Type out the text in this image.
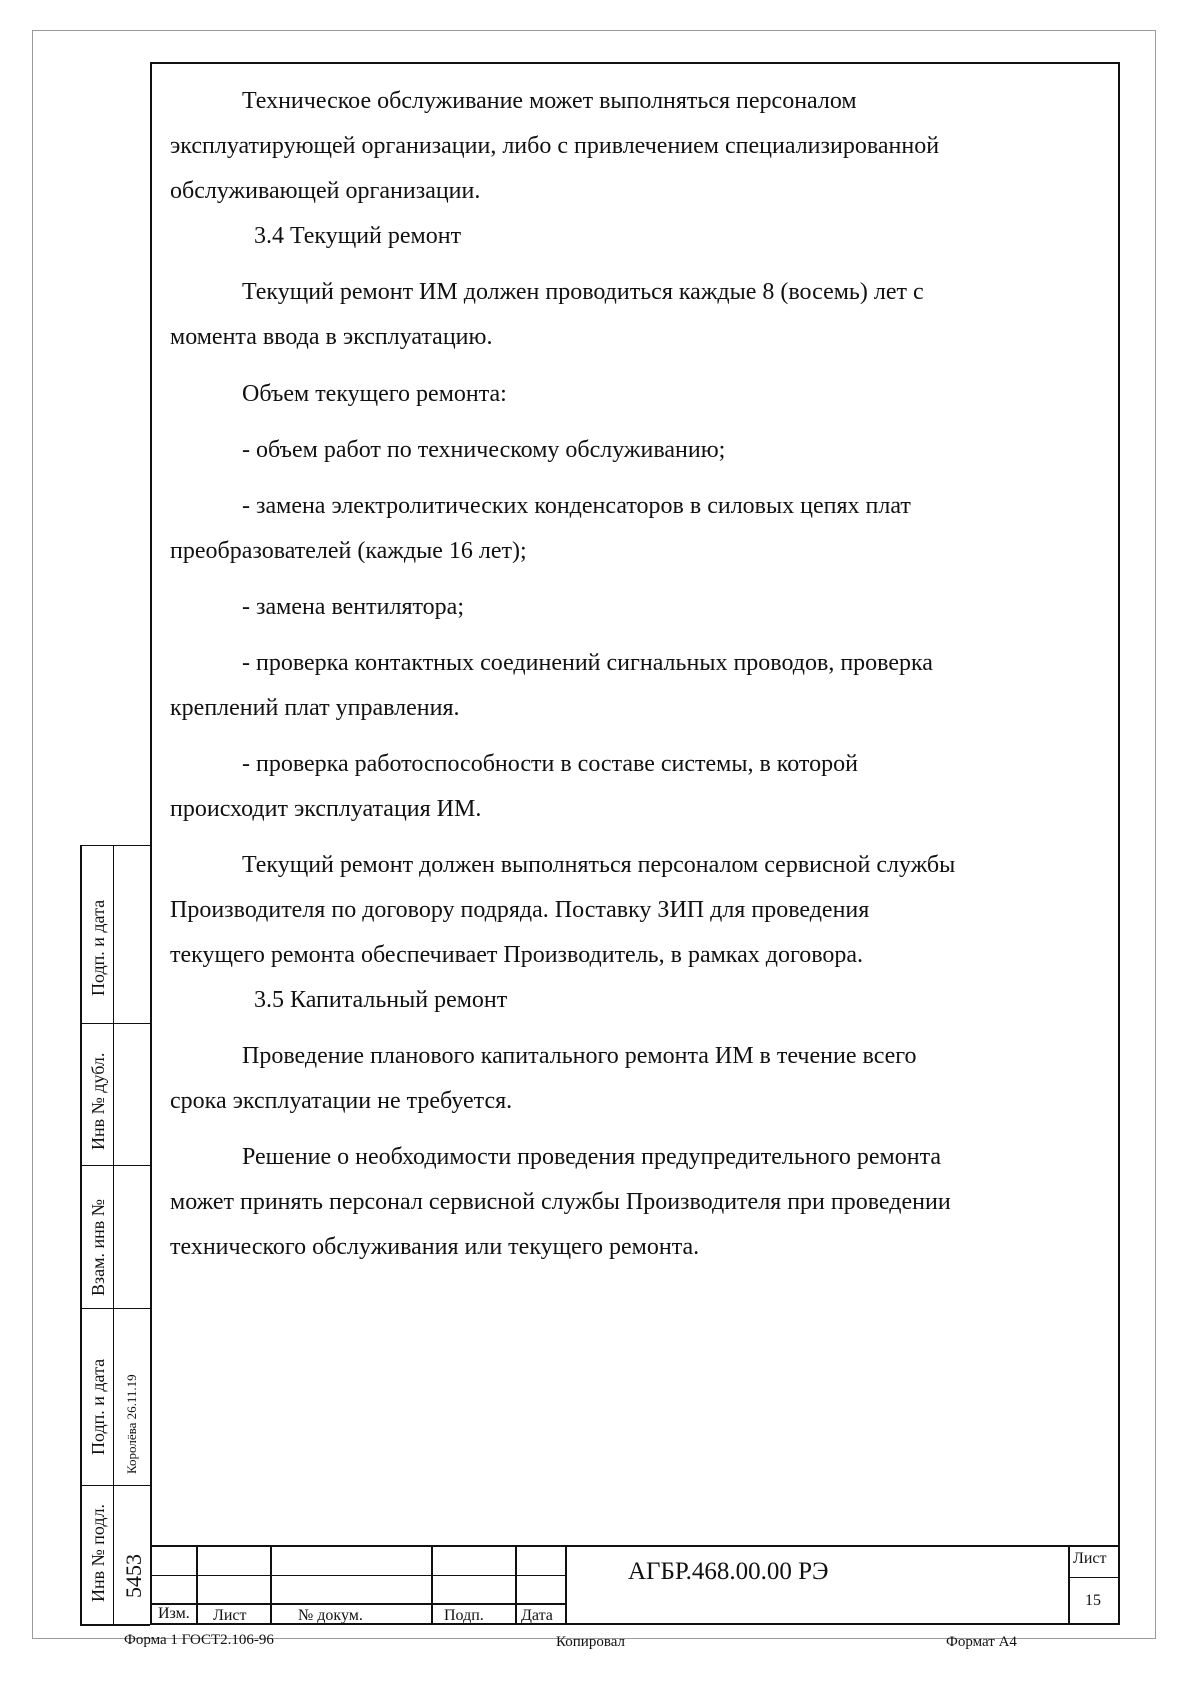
Техническое обслуживание может выполняться персоналом
эксплуатирующей организации, либо с привлечением специализированной
обслуживающей организации.
3.4 Текущий ремонт
Текущий ремонт ИМ должен проводиться каждые 8 (восемь) лет с
момента ввода в эксплуатацию.
Объем текущего ремонта:
- объем работ по техническому обслуживанию;
- замена электролитических конденсаторов в силовых цепях плат
преобразователей (каждые 16 лет);
- замена вентилятора;
- проверка контактных соединений сигнальных проводов, проверка
креплений плат управления.
- проверка работоспособности в составе системы, в которой
происходит эксплуатация ИМ.
Текущий ремонт должен выполняться персоналом сервисной службы
Производителя по договору подряда. Поставку ЗИП для проведения
текущего ремонта обеспечивает Производитель, в рамках договора.
3.5 Капитальный ремонт
Проведение планового капитального ремонта ИМ в течение всего
срока эксплуатации не требуется.
Решение о необходимости проведения предупредительного ремонта
может принять персонал сервисной службы Производителя при проведении
технического обслуживания или текущего ремонта.
Подп. и дата
Инв № дубл.
Взам. инв №
Подп. и дата Королёва 26.11.19
Инв № подл. 5453
Изм. Лист	№ докум.	Подп. Дата
АГБР.468.00.00 РЭ	Лист
15
Форма 1 ГОСТ2.106-96	Копировал	Формат А4
